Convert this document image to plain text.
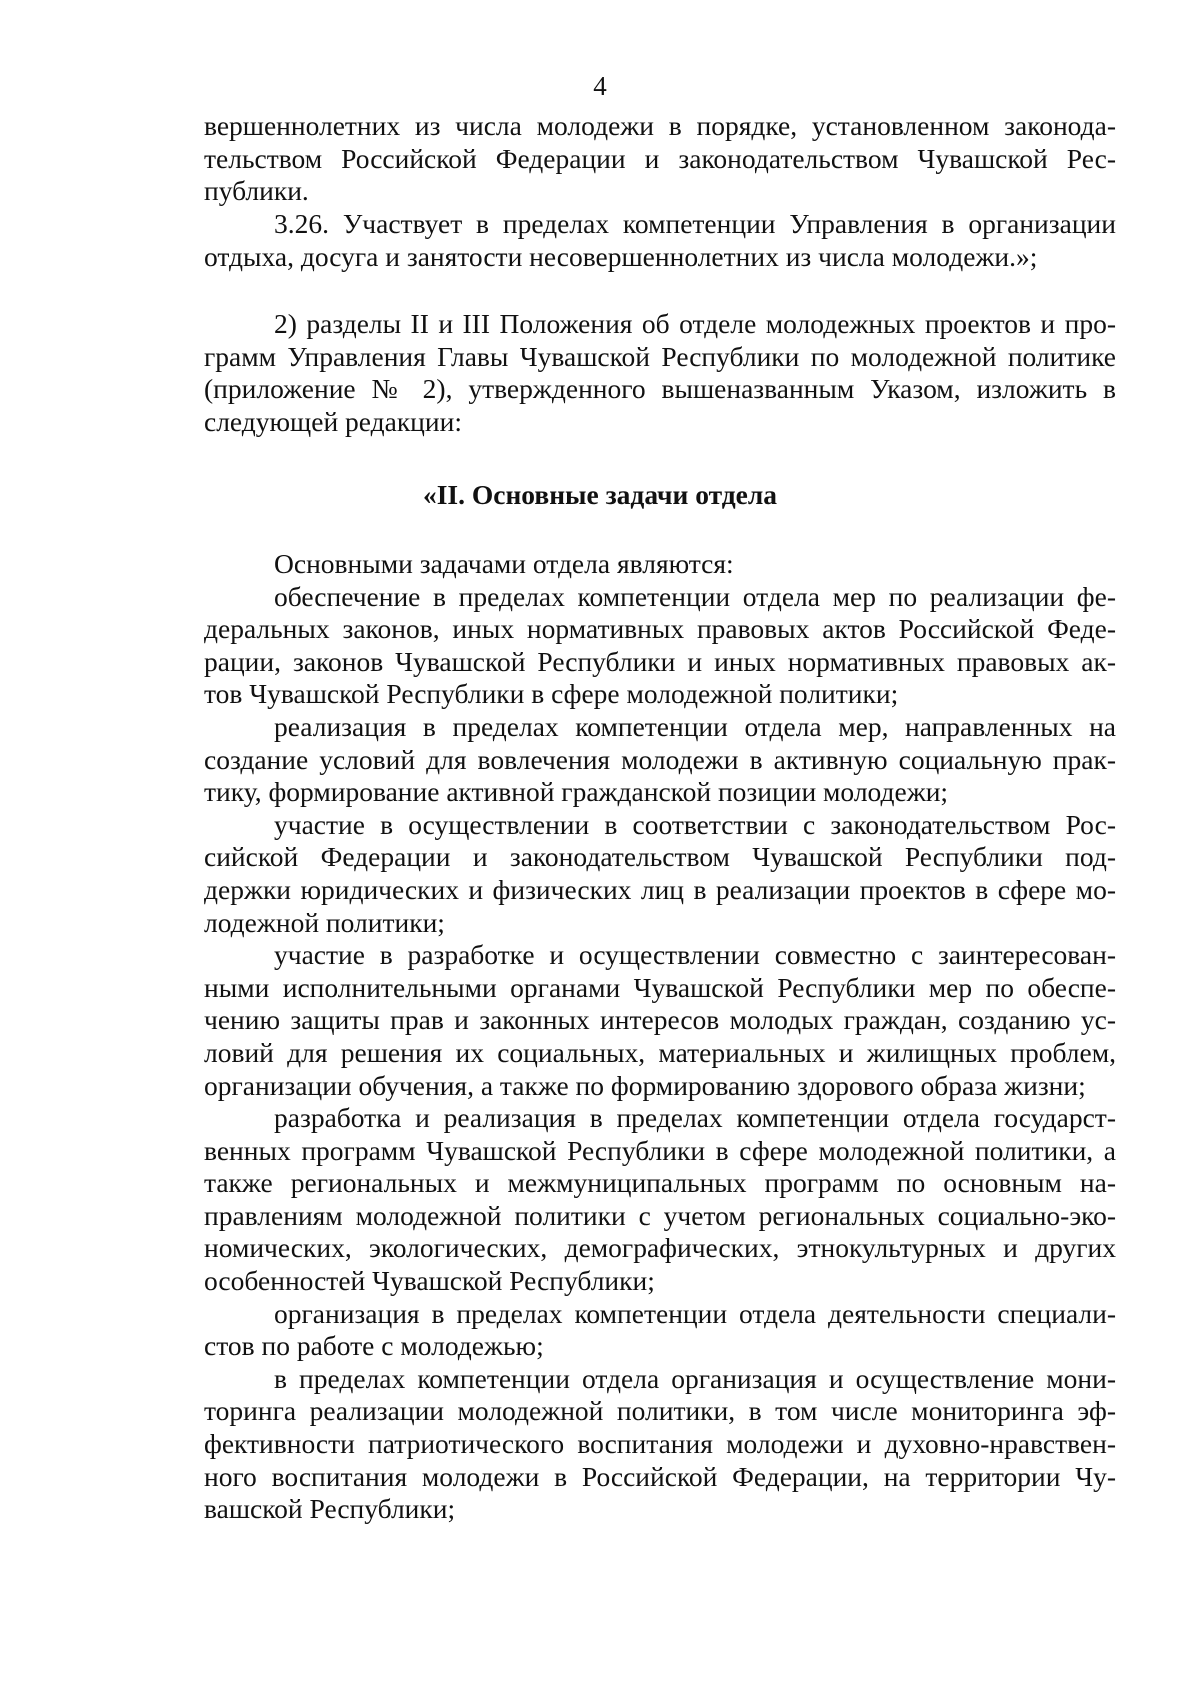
4
вершеннолетних из числа молодежи в порядке, установленном законода-
тельством Российской Федерации и законодательством Чувашской Рес-
публики.
3.26. Участвует в пределах компетенции Управления в организации
отдыха, досуга и занятости несовершеннолетних из числа молодежи.»;
2) разделы II и III Положения об отделе молодежных проектов и про-
грамм Управления Главы Чувашской Республики по молодежной политике
(приложение № 2), утвержденного вышеназванным Указом, изложить в
следующей редакции:
«II. Основные задачи отдела
Основными задачами отдела являются:
обеспечение в пределах компетенции отдела мер по реализации фе-
деральных законов, иных нормативных правовых актов Российской Феде-
рации, законов Чувашской Республики и иных нормативных правовых ак-
тов Чувашской Республики в сфере молодежной политики;
реализация в пределах компетенции отдела мер, направленных на
создание условий для вовлечения молодежи в активную социальную прак-
тику, формирование активной гражданской позиции молодежи;
участие в осуществлении в соответствии с законодательством Рос-
сийской Федерации и законодательством Чувашской Республики под-
держки юридических и физических лиц в реализации проектов в сфере мо-
лодежной политики;
участие в разработке и осуществлении совместно с заинтересован-
ными исполнительными органами Чувашской Республики мер по обеспе-
чению защиты прав и законных интересов молодых граждан, созданию ус-
ловий для решения их социальных, материальных и жилищных проблем,
организации обучения, а также по формированию здорового образа жизни;
разработка и реализация в пределах компетенции отдела государст-
венных программ Чувашской Республики в сфере молодежной политики, а
также региональных и межмуниципальных программ по основным на-
правлениям молодежной политики с учетом региональных социально-эко-
номических, экологических, демографических, этнокультурных и других
особенностей Чувашской Республики;
организация в пределах компетенции отдела деятельности специали-
стов по работе с молодежью;
в пределах компетенции отдела организация и осуществление мони-
торинга реализации молодежной политики, в том числе мониторинга эф-
фективности патриотического воспитания молодежи и духовно-нравствен-
ного воспитания молодежи в Российской Федерации, на территории Чу-
вашской Республики;
